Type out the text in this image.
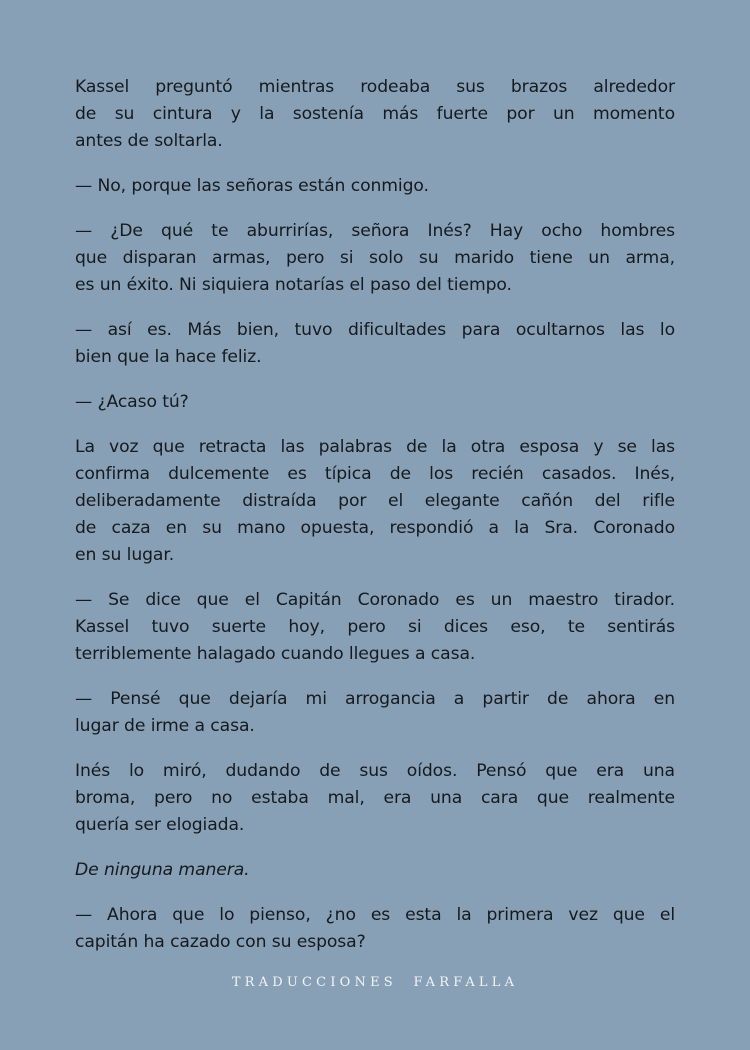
Kassel preguntó mientras rodeaba sus brazos alrededor
de su cintura y la sostenía más fuerte por un momento
antes de soltarla.
— No, porque las señoras están conmigo.
— ¿De qué te aburrirías, señora Inés? Hay ocho hombres
que disparan armas, pero si solo su marido tiene un arma,
es un éxito. Ni siquiera notarías el paso del tiempo.
— así es. Más bien, tuvo dificultades para ocultarnos las lo
bien que la hace feliz.
— ¿Acaso tú?
La voz que retracta las palabras de la otra esposa y se las
confirma dulcemente es típica de los recién casados. Inés,
deliberadamente distraída por el elegante cañón del rifle
de caza en su mano opuesta, respondió a la Sra. Coronado
en su lugar.
— Se dice que el Capitán Coronado es un maestro tirador.
Kassel tuvo suerte hoy, pero si dices eso, te sentirás
terriblemente halagado cuando llegues a casa.
— Pensé que dejaría mi arrogancia a partir de ahora en
lugar de irme a casa.
Inés lo miró, dudando de sus oídos. Pensó que era una
broma, pero no estaba mal, era una cara que realmente
quería ser elogiada.
De ninguna manera.
— Ahora que lo pienso, ¿no es esta la primera vez que el
capitán ha cazado con su esposa?
TRADUCCIONES  FARFALLA
